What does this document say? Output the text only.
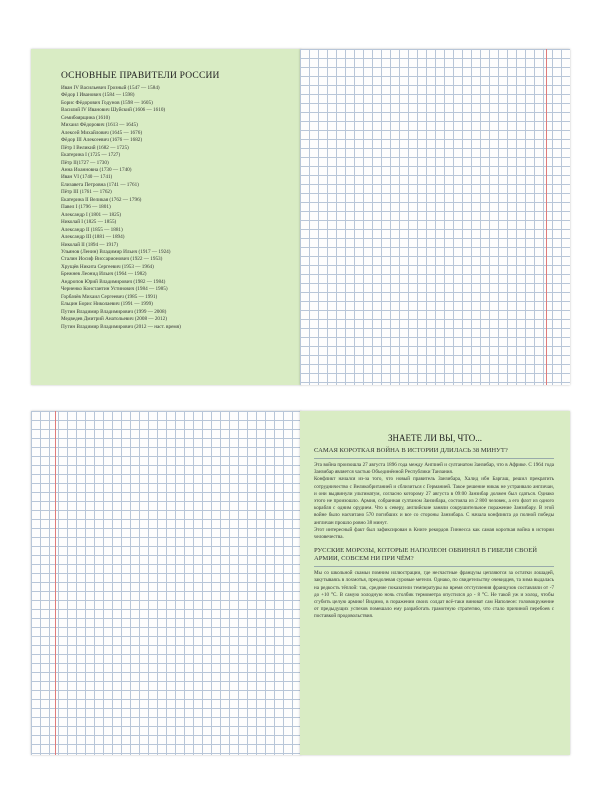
ОСНОВНЫЕ ПРАВИТЕЛИ РОССИИ
Иван IV Васильевич Грозный (1547 — 1584)
Фёдор I Иванович (1584 — 1598)
Борис Фёдорович Годунов (1598 — 1605)
Василий IV Иванович Шуйский (1606 — 1610)
Семибоярщина (1610)
Михаил Фёдорович (1613 — 1645)
Алексей Михайлович (1645 — 1676)
Фёдор III Алексеевич (1676 — 1682)
Пётр I Великий (1682 — 1725)
Екатерина I (1725 — 1727)
Пётр II(1727 — 1730)
Анна Иоанновна (1730 — 1740)
Иван VI (1740 — 1741)
Елизавета Петровна (1741 — 1761)
Пётр III (1761 — 1762)
Екатерина II Великая (1762 — 1796)
Павел I (1796 — 1801)
Александр I (1801 — 1825)
Николай I (1825 — 1855)
Александр II (1855 — 1881)
Александр III (1881 — 1894)
Николай II (1894 — 1917)
Ульянов (Ленин) Владимир Ильич (1917 — 1924)
Сталин Иосиф Виссарионович (1922 — 1953)
Хрущёв Никита Сергеевич (1953 — 1964)
Брежнев Леонид Ильич (1964 — 1982)
Андропов Юрий Владимирович (1982 — 1984)
Черненко Константин Устинович (1984 — 1985)
Горбачёв Михаил Сергеевич (1985 — 1991)
Ельцин Борис Николаевич (1991 — 1999)
Путин Владимир Владимирович (1999 — 2008)
Медведев Дмитрий Анатольевич (2008 — 2012)
Путин Владимир Владимирович (2012 — наст. время)
ЗНАЕТЕ ЛИ ВЫ, ЧТО...
САМАЯ КОРОТКАЯ ВОЙНА В ИСТОРИИ ДЛИЛАСЬ 38 МИНУТ?

Эта война произошла 27 августа 1896 года между Англией и султанатом Занзибар, что в Африке. С 1964 года Занзибар является частью Объединённой Республики Танзания.

Конфликт начался из-за того, что новый правитель Занзибара, Халид ибн Баргаш, решил прекратить сотрудничество с Великобританией и сблизиться с Германией. Такое решение никак не устраивало англичан, и они выдвинули ультиматум, согласно которому 27 августа в 09:00 Занзибар должен был сдаться. Однако этого не произошло. Армия, собранная султаном Занзибара, состояла из 2 800 человек, а его флот из одного корабля с одним орудием. Что к северу, английские заняли сокрушительное поражение Занзибару. В этой войне было насчитано 570 погибших и все со стороны Занзибара. С начала конфликта до полной победы англичан прошло ровно 38 минут.

Этот интересный факт был зафиксирован в Книге рекордов Гиннесса как самая короткая война в истории человечества.

РУССКИЕ МОРОЗЫ, КОТОРЫЕ НАПОЛЕОН ОБВИНЯЛ В ГИБЕЛИ СВОЕЙ АРМИИ, СОВСЕМ НИ ПРИ ЧЁМ?

Мы со школьной скамьи помним иллюстрации, где несчастные французы цепляются за остатки лошадей, закутываясь в лохмотья, преодолевая суровые метели. Однако, по свидетельству очевидцев, та зима выдалась на редкость тёплой: так, средние показатели температуры во время отступления французов составляли от -7 до +10 °С. В самую холодную ночь столбик термометра опустился до - 8 °С. Не такой уж и холод, чтобы сгубить целую армию! Видимо, в поражении своих солдат всё-таки виноват сам Наполеон: головокружение от предыдущих успехов помешало ему разработать грамотную стратегию, что стало причиной перебоев с поставкой продовольствия.
